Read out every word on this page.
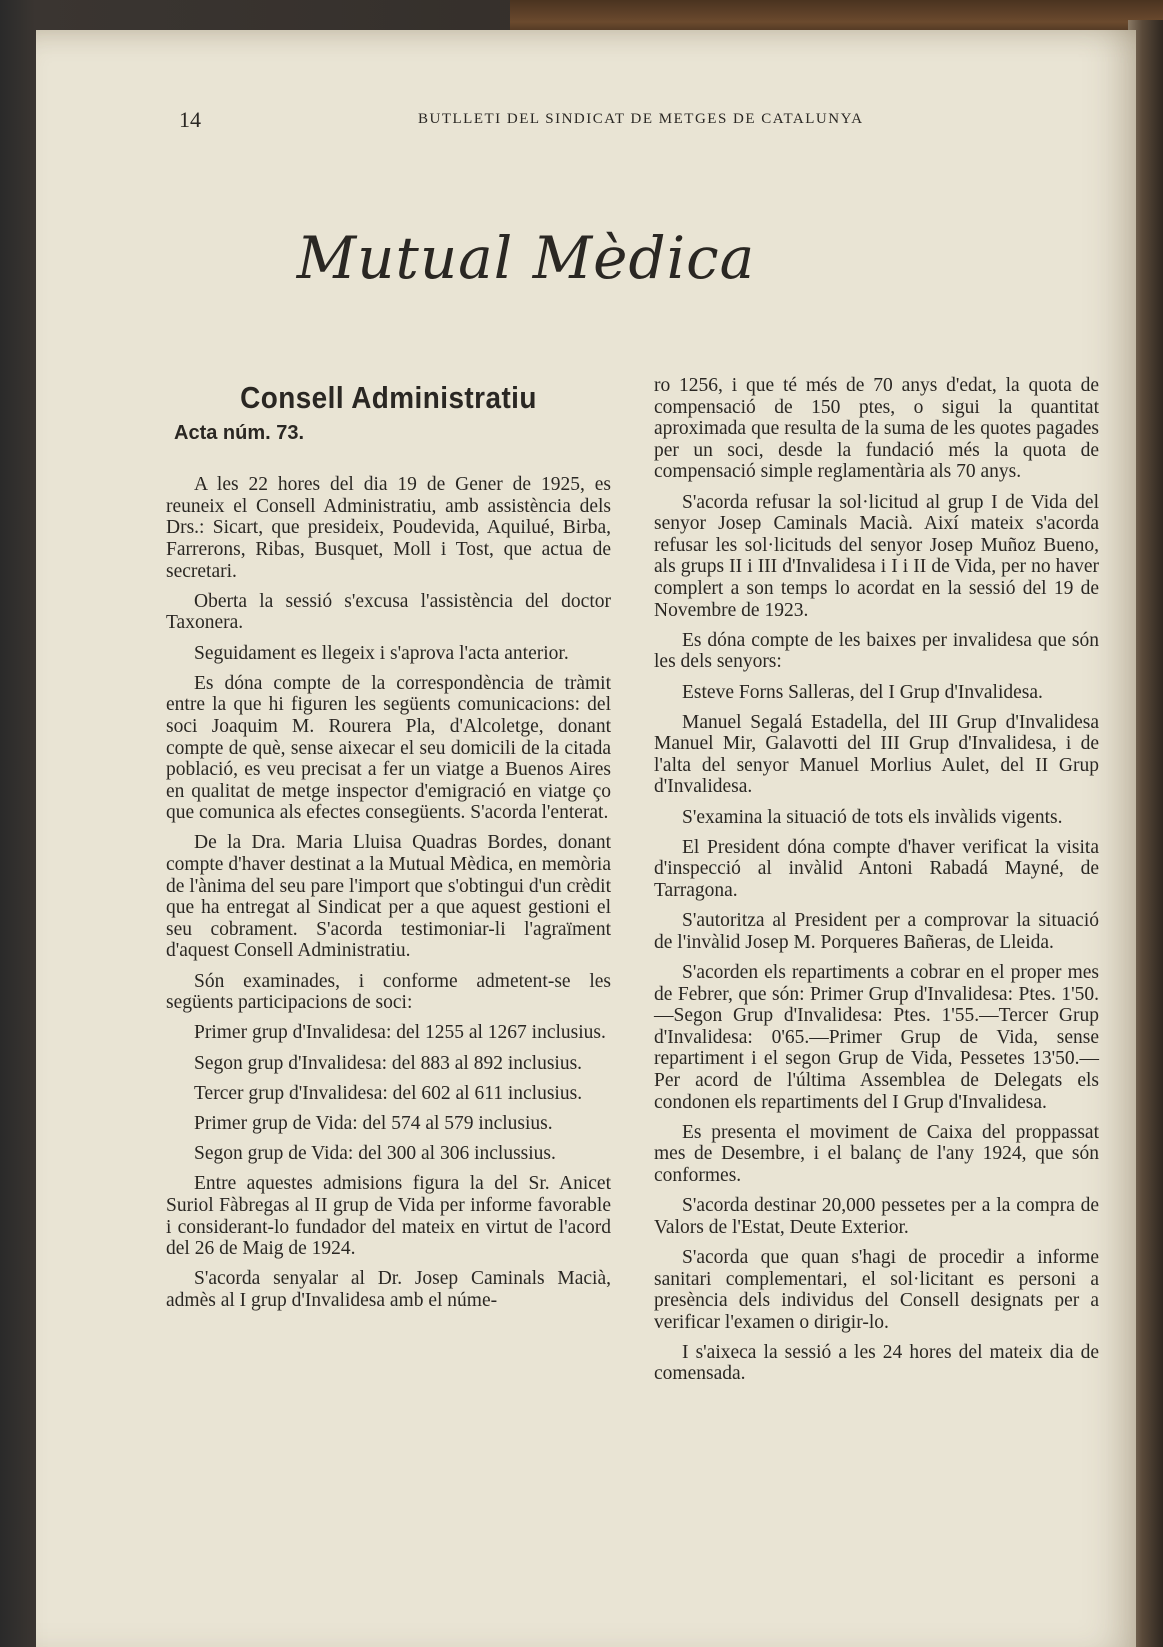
14	BUTLLETI DEL SINDICAT DE METGES DE CATALUNYA
Mutual Mèdica
Consell Administratiu
Acta núm. 73.

A les 22 hores del dia 19 de Gener de 1925, es reuneix el Consell Administratiu, amb assistència dels Drs.: Sicart, que presideix, Poudevida, Aquilué, Birba, Farrerons, Ribas, Busquet, Moll i Tost, que actua de secretari.

Oberta la sessió s'excusa l'assistència del doctor Taxonera.

Seguidament es llegeix i s'aprova l'acta anterior.

Es dóna compte de la correspondència de tràmit entre la que hi figuren les següents comunicacions: del soci Joaquim M. Rourera Pla, d'Alcoletge, donant compte de què, sense aixecar el seu domicili de la citada població, es veu precisat a fer un viatge a Buenos Aires en qualitat de metge inspector d'emigració en viatge ço que comunica als efectes consegüents. S'acorda l'enterat.

De la Dra. Maria Lluisa Quadras Bordes, donant compte d'haver destinat a la Mutual Mèdica, en memòria de l'ànima del seu pare l'import que s'obtingui d'un crèdit que ha entregat al Sindicat per a que aquest gestioni el seu cobrament. S'acorda testimoniar-li l'agraïment d'aquest Consell Administratiu.

Són examinades, i conforme admetent-se les següents participacions de soci:

Primer grup d'Invalidesa: del 1255 al 1267 inclusius.

Segon grup d'Invalidesa: del 883 al 892 inclusius.

Tercer grup d'Invalidesa: del 602 al 611 inclusius.

Primer grup de Vida: del 574 al 579 inclusius.

Segon grup de Vida: del 300 al 306 inclussius.

Entre aquestes admisions figura la del Sr. Anicet Suriol Fàbregas al II grup de Vida per informe favorable i considerant-lo fundador del mateix en virtut de l'acord del 26 de Maig de 1924.

S'acorda senyalar al Dr. Josep Caminals Macià, admès al I grup d'Invalidesa amb el núme-

ro 1256, i que té més de 70 anys d'edat, la quota de compensació de 150 ptes, o sigui la quantitat aproximada que resulta de la suma de les quotes pagades per un soci, desde la fundació més la quota de compensació simple reglamentària als 70 anys.

S'acorda refusar la sol·licitud al grup I de Vida del senyor Josep Caminals Macià. Així mateix s'acorda refusar les sol·licituds del senyor Josep Muñoz Bueno, als grups II i III d'Invalidesa i I i II de Vida, per no haver complert a son temps lo acordat en la sessió del 19 de Novembre de 1923.

Es dóna compte de les baixes per invalidesa que són les dels senyors:

Esteve Forns Salleras, del I Grup d'Invalidesa.

Manuel Segalá Estadella, del III Grup d'Invalidesa Manuel Mir, Galavotti del III Grup d'Invalidesa, i de l'alta del senyor Manuel Morlius Aulet, del II Grup d'Invalidesa.

S'examina la situació de tots els invàlids vigents.

El President dóna compte d'haver verificat la visita d'inspecció al invàlid Antoni Rabadá Mayné, de Tarragona.

S'autoritza al President per a comprovar la situació de l'invàlid Josep M. Porqueres Bañeras, de Lleida.

S'acorden els repartiments a cobrar en el proper mes de Febrer, que són: Primer Grup d'Invalidesa: Ptes. 1'50.—Segon Grup d'Invalidesa: Ptes. 1'55.—Tercer Grup d'Invalidesa: 0'65.—Primer Grup de Vida, sense repartiment i el segon Grup de Vida, Pessetes 13'50.—Per acord de l'última Assemblea de Delegats els condonen els repartiments del I Grup d'Invalidesa.

Es presenta el moviment de Caixa del proppassat mes de Desembre, i el balanç de l'any 1924, que són conformes.

S'acorda destinar 20,000 pessetes per a la compra de Valors de l'Estat, Deute Exterior.

S'acorda que quan s'hagi de procedir a informe sanitari complementari, el sol·licitant es personi a presència dels individus del Consell designats per a verificar l'examen o dirigir-lo.

I s'aixeca la sessió a les 24 hores del mateix dia de comensada.
